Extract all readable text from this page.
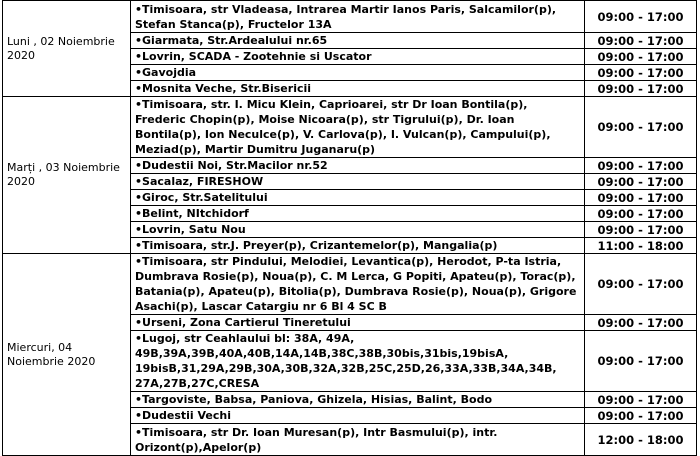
Luni , 02 Noiembrie 2020	•Timisoara, str Vladeasa, Intrarea Martir Ianos Paris, Salcamilor(p), Stefan Stanca(p), Fructelor 13A	09:00 - 17:00
	•Giarmata, Str.Ardealului nr.65	09:00 - 17:00
	•Lovrin, SCADA - Zootehnie si Uscator	09:00 - 17:00
	•Gavojdia	09:00 - 17:00
	•Mosnita Veche, Str.Bisericii	09:00 - 17:00
Marți , 03 Noiembrie 2020	•Timisoara, str. I. Micu Klein, Caprioarei, str Dr Ioan Bontila(p), Frederic Chopin(p), Moise Nicoara(p), str Tigrului(p), Dr. Ioan Bontila(p), Ion Neculce(p), V. Carlova(p), I. Vulcan(p), Campului(p), Meziad(p), Martir Dumitru Juganaru(p)	09:00 - 17:00
	•Dudestii Noi, Str.Macilor nr.52	09:00 - 17:00
	•Sacalaz, FIRESHOW	09:00 - 17:00
	•Giroc, Str.Satelitului	09:00 - 17:00
	•Belint, NItchidorf	09:00 - 17:00
	•Lovrin, Satu Nou	09:00 - 17:00
	•Timisoara, str.J. Preyer(p), Crizantemelor(p), Mangalia(p)	11:00 - 18:00
Miercuri, 04 Noiembrie 2020	•Timisoara, str Pindului, Melodiei, Levantica(p), Herodot, P-ta Istria, Dumbrava Rosie(p), Noua(p), C. M Lerca, G Popiti, Apateu(p), Torac(p), Batania(p), Apateu(p), Bitolia(p), Dumbrava Rosie(p), Noua(p), Grigore Asachi(p), Lascar Catargiu nr 6 Bl 4 SC B	09:00 - 17:00
	•Urseni, Zona Cartierul Tineretului	09:00 - 17:00
	•Lugoj, str Ceahlaului bl: 38A, 49A, 49B,39A,39B,40A,40B,14A,14B,38C,38B,30bis,31bis,19bisA, 19bisB,31,29A,29B,30A,30B,32A,32B,25C,25D,26,33A,33B,34A,34B, 27A,27B,27C,CRESA	09:00 - 17:00
	•Targoviste, Babsa, Paniova, Ghizela, Hisias, Balint, Bodo	09:00 - 17:00
	•Dudestii Vechi	09:00 - 17:00
	•Timisoara, str Dr. Ioan Muresan(p), Intr Basmului(p), intr. Orizont(p),Apelor(p)	12:00 - 18:00
